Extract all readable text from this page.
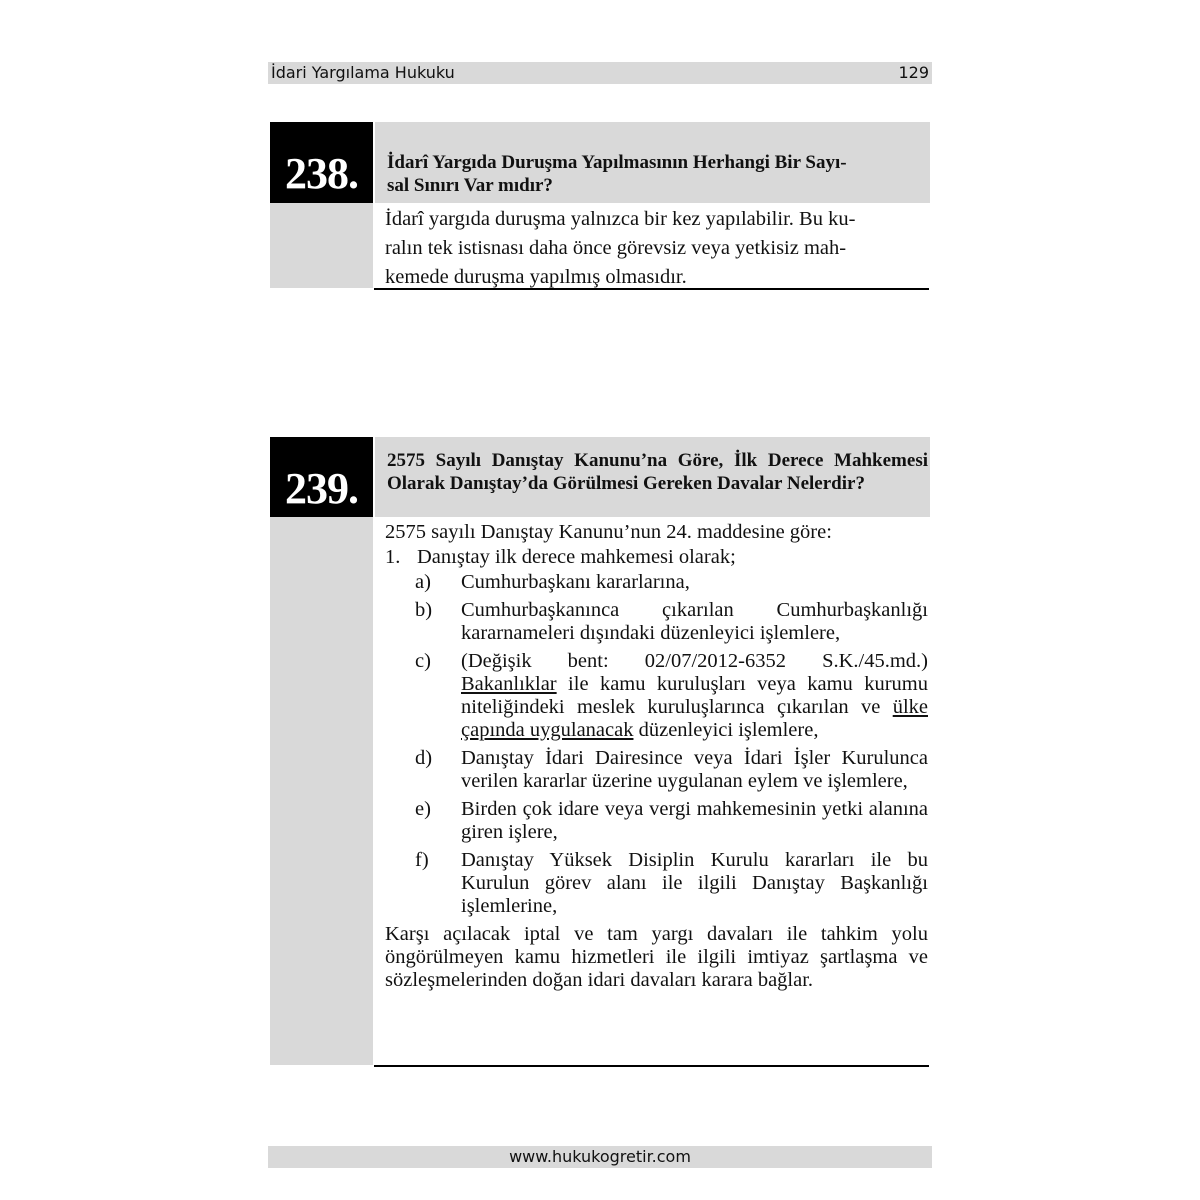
İdari Yargılama Hukuku	129
238.	İdarî Yargıda Duruşma Yapılmasının Herhangi Bir Sayı-
sal Sınırı Var mıdır?
İdarî yargıda duruşma yalnızca bir kez yapılabilir. Bu ku-
ralın tek istisnası daha önce görevsiz veya yetkisiz mah-
kemede duruşma yapılmış olmasıdır.
239.
2575 Sayılı Danıştay Kanunu’na Göre, İlk Derece Mahkemesi Olarak Danıştay’da Görülmesi Gereken Davalar Nelerdir?
2575 sayılı Danıştay Kanunu’nun 24. maddesine göre:
1. Danıştay ilk derece mahkemesi olarak;
a) Cumhurbaşkanı kararlarına,
b) Cumhurbaşkanınca çıkarılan Cumhurbaşkanlığı kararnameleri dışındaki düzenleyici işlemlere,
c) (Değişik bent: 02/07/2012-6352 S.K./45.md.) Bakanlıklar ile kamu kuruluşları veya kamu kurumu niteliğindeki meslek kuruluşlarınca çıkarılan ve ülke çapında uygulanacak düzenleyici işlemlere,
d) Danıştay İdari Dairesince veya İdari İşler Kurulunca verilen kararlar üzerine uygulanan eylem ve işlemlere,
e) Birden çok idare veya vergi mahkemesinin yetki alanına giren işlere,
f) Danıştay Yüksek Disiplin Kurulu kararları ile bu Kurulun görev alanı ile ilgili Danıştay Başkanlığı işlemlerine,
Karşı açılacak iptal ve tam yargı davaları ile tahkim yolu öngörülmeyen kamu hizmetleri ile ilgili imtiyaz şartlaşma ve sözleşmelerinden doğan idari davaları karara bağlar.
www.hukukogretir.com
